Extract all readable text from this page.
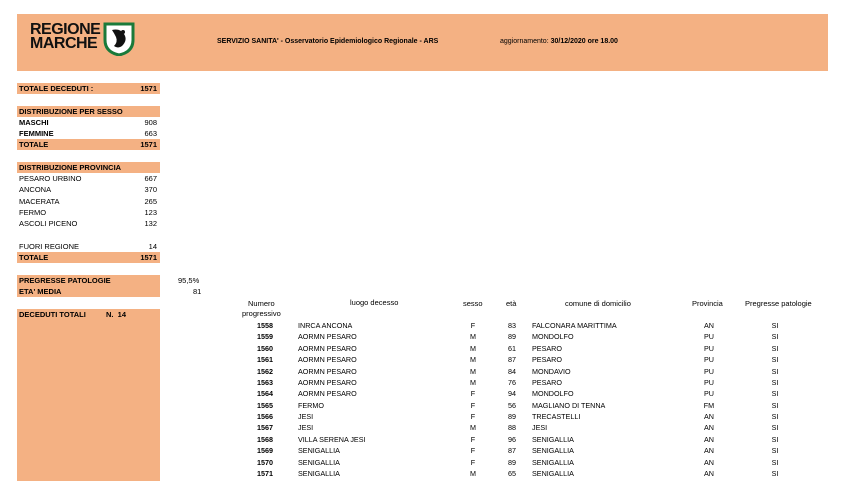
REGIONE
MARCHE	SERVIZIO SANITA' - Osservatorio Epidemiologico Regionale - ARS	aggiornamento: 30/12/2020 ore 18.00
TOTALE DECEDUTI :	1571
DISTRIBUZIONE PER SESSO
MASCHI	908
FEMMINE	663
TOTALE	1571
DISTRIBUZIONE PROVINCIA
PESARO URBINO	667
ANCONA	370
MACERATA	265
FERMO	123
ASCOLI PICENO	132
FUORI REGIONE	14
TOTALE	1571
PREGRESSE PATOLOGIE	95,5%
ETA' MEDIA	81
DECEDUTI TOTALI	N.  14
Numero
progressivo
luogo decesso	sesso	età	comune di domicilio	Provincia	Pregresse patologie
1558	INRCA ANCONA	F	83	FALCONARA MARITTIMA	AN	SI
1559	AORMN PESARO	M	89	MONDOLFO	PU	SI
1560	AORMN PESARO	M	61	PESARO	PU	SI
1561	AORMN PESARO	M	87	PESARO	PU	SI
1562	AORMN PESARO	M	84	MONDAVIO	PU	SI
1563	AORMN PESARO	M	76	PESARO	PU	SI
1564	AORMN PESARO	F	94	MONDOLFO	PU	SI
1565	FERMO	F	56	MAGLIANO DI TENNA	FM	SI
1566	JESI	F	89	TRECASTELLI	AN	SI
1567	JESI	M	88	JESI	AN	SI
1568	VILLA SERENA JESI	F	96	SENIGALLIA	AN	SI
1569	SENIGALLIA	F	87	SENIGALLIA	AN	SI
1570	SENIGALLIA	F	89	SENIGALLIA	AN	SI
1571	SENIGALLIA	M	65	SENIGALLIA	AN	SI
